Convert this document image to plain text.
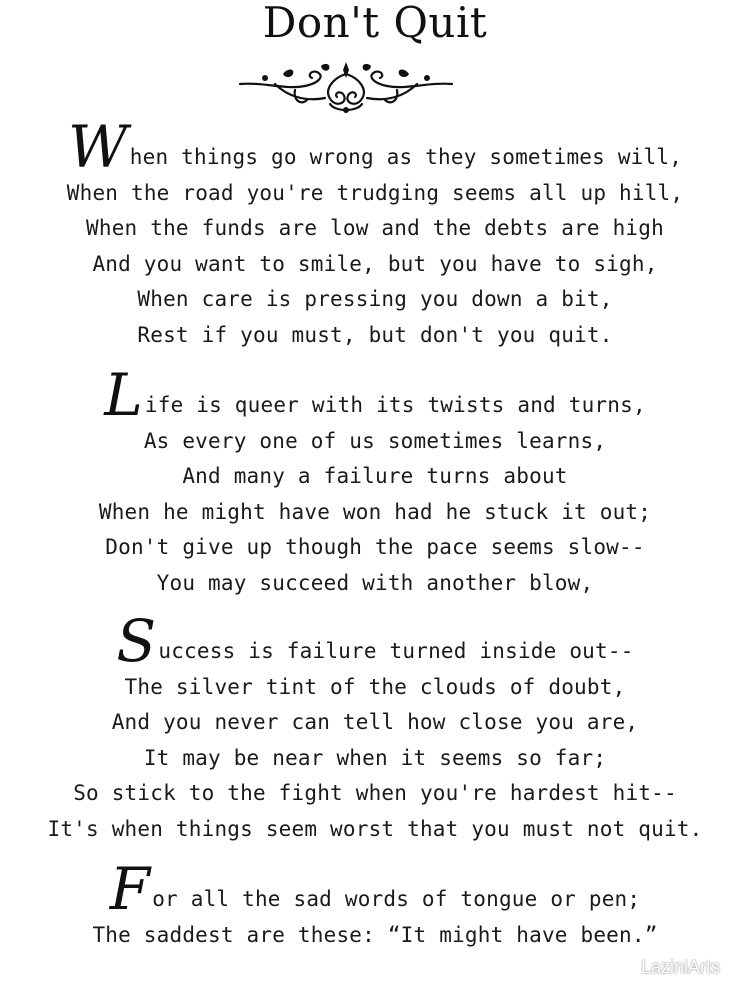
Don't Quit
When things go wrong as they sometimes will,
When the road you're trudging seems all up hill,
When the funds are low and the debts are high
And you want to smile, but you have to sigh,
When care is pressing you down a bit,
Rest if you must, but don't you quit.
Life is queer with its twists and turns,
As every one of us sometimes learns,
And many a failure turns about
When he might have won had he stuck it out;
Don't give up though the pace seems slow--
You may succeed with another blow,
Success is failure turned inside out--
The silver tint of the clouds of doubt,
And you never can tell how close you are,
It may be near when it seems so far;
So stick to the fight when you're hardest hit--
It's when things seem worst that you must not quit.
For all the sad words of tongue or pen;
The saddest are these: “It might have been.”
LaziniArts
